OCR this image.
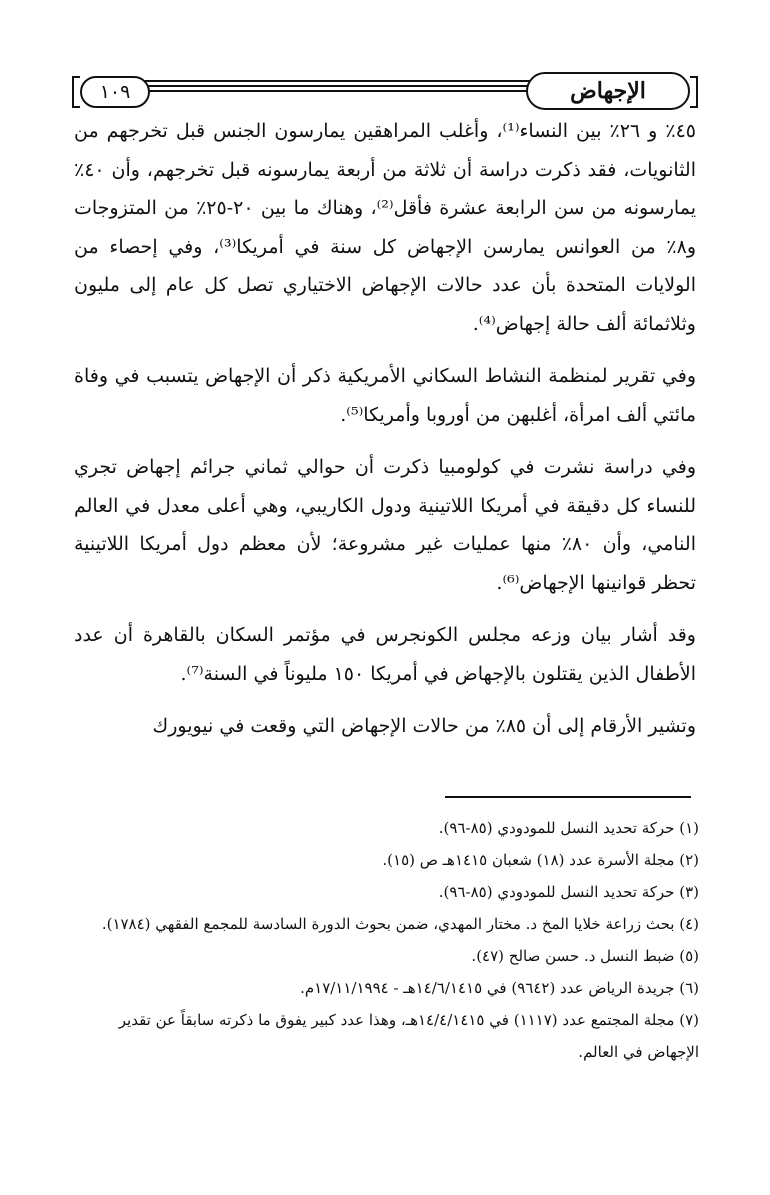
الإجهاض
١٠٩

٤٥٪ و ٢٦٪ بين النساء⁽¹⁾، وأغلب المراهقين يمارسون الجنس قبل تخرجهم من الثانويات، فقد ذكرت دراسة أن ثلاثة من أربعة يمارسونه قبل تخرجهم، وأن ٤٠٪ يمارسونه من سن الرابعة عشرة فأقل⁽²⁾، وهناك ما بين ٢٠-٢٥٪ من المتزوجات و٨٪ من العوانس يمارسن الإجهاض كل سنة في أمريكا⁽³⁾، وفي إحصاء من الولايات المتحدة بأن عدد حالات الإجهاض الاختياري تصل كل عام إلى مليون وثلاثمائة ألف حالة إجهاض⁽⁴⁾.

وفي تقرير لمنظمة النشاط السكاني الأمريكية ذكر أن الإجهاض يتسبب في وفاة مائتي ألف امرأة، أغلبهن من أوروبا وأمريكا⁽⁵⁾.

وفي دراسة نشرت في كولومبيا ذكرت أن حوالي ثماني جرائم إجهاض تجري للنساء كل دقيقة في أمريكا اللاتينية ودول الكاريبي، وهي أعلى معدل في العالم النامي، وأن ٨٠٪ منها عمليات غير مشروعة؛ لأن معظم دول أمريكا اللاتينية تحظر قوانينها الإجهاض⁽⁶⁾.

وقد أشار بيان وزعه مجلس الكونجرس في مؤتمر السكان بالقاهرة أن عدد الأطفال الذين يقتلون بالإجهاض في أمريكا ١٥٠ مليوناً في السنة⁽⁷⁾.

وتشير الأرقام إلى أن ٨٥٪ من حالات الإجهاض التي وقعت في نيويورك

(١) حركة تحديد النسل للمودودي (٨٥-٩٦).

(٢) مجلة الأسرة عدد (١٨) شعبان ١٤١٥هـ ص (١٥).

(٣) حركة تحديد النسل للمودودي (٨٥-٩٦).

(٤) بحث زراعة خلايا المخ د. مختار المهدي، ضمن بحوث الدورة السادسة للمجمع الفقهي (١٧٨٤).

(٥) ضبط النسل د. حسن صالح (٤٧).

(٦) جريدة الرياض عدد (٩٦٤٢) في ١٤/٦/١٤١٥هـ - ١٧/١١/١٩٩٤م.

(٧) مجلة المجتمع عدد (١١١٧) في ١٤/٤/١٤١٥هـ، وهذا عدد كبير يفوق ما ذكرته سابقاً عن تقدير الإجهاض في العالم.
